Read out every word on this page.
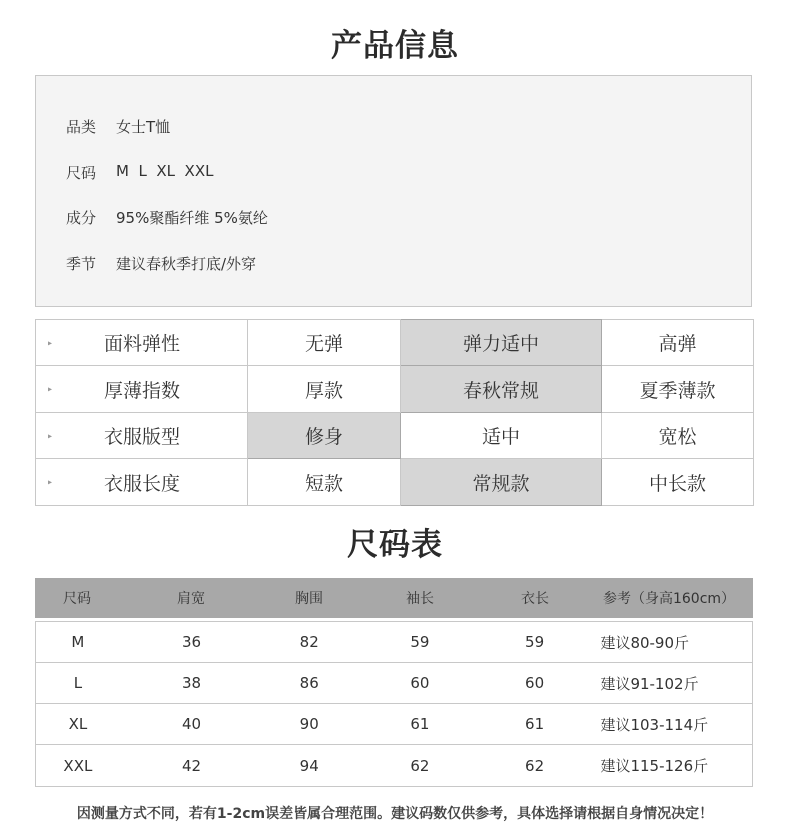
产品信息
品类	女士T恤
尺码	M  L  XL  XXL
成分	95%聚酯纤维 5%氨纶
季节	建议春秋季打底/外穿
▸ 面料弹性	无弹	弹力适中	高弹

▸ 厚薄指数	厚款	春秋常规	夏季薄款

▸ 衣服版型	修身	适中	宽松

▸ 衣服长度	短款	常规款	中长款
尺码表
尺码	肩宽	胸围	袖长	衣长	参考（身高160cm）
M	36	82	59	59	建议80-90斤
L	38	86	60	60	建议91-102斤
XL	40	90	61	61	建议103-114斤
XXL	42	94	62	62	建议115-126斤
因测量方式不同，若有1-2cm误差皆属合理范围。建议码数仅供参考，具体选择请根据自身情况决定！
